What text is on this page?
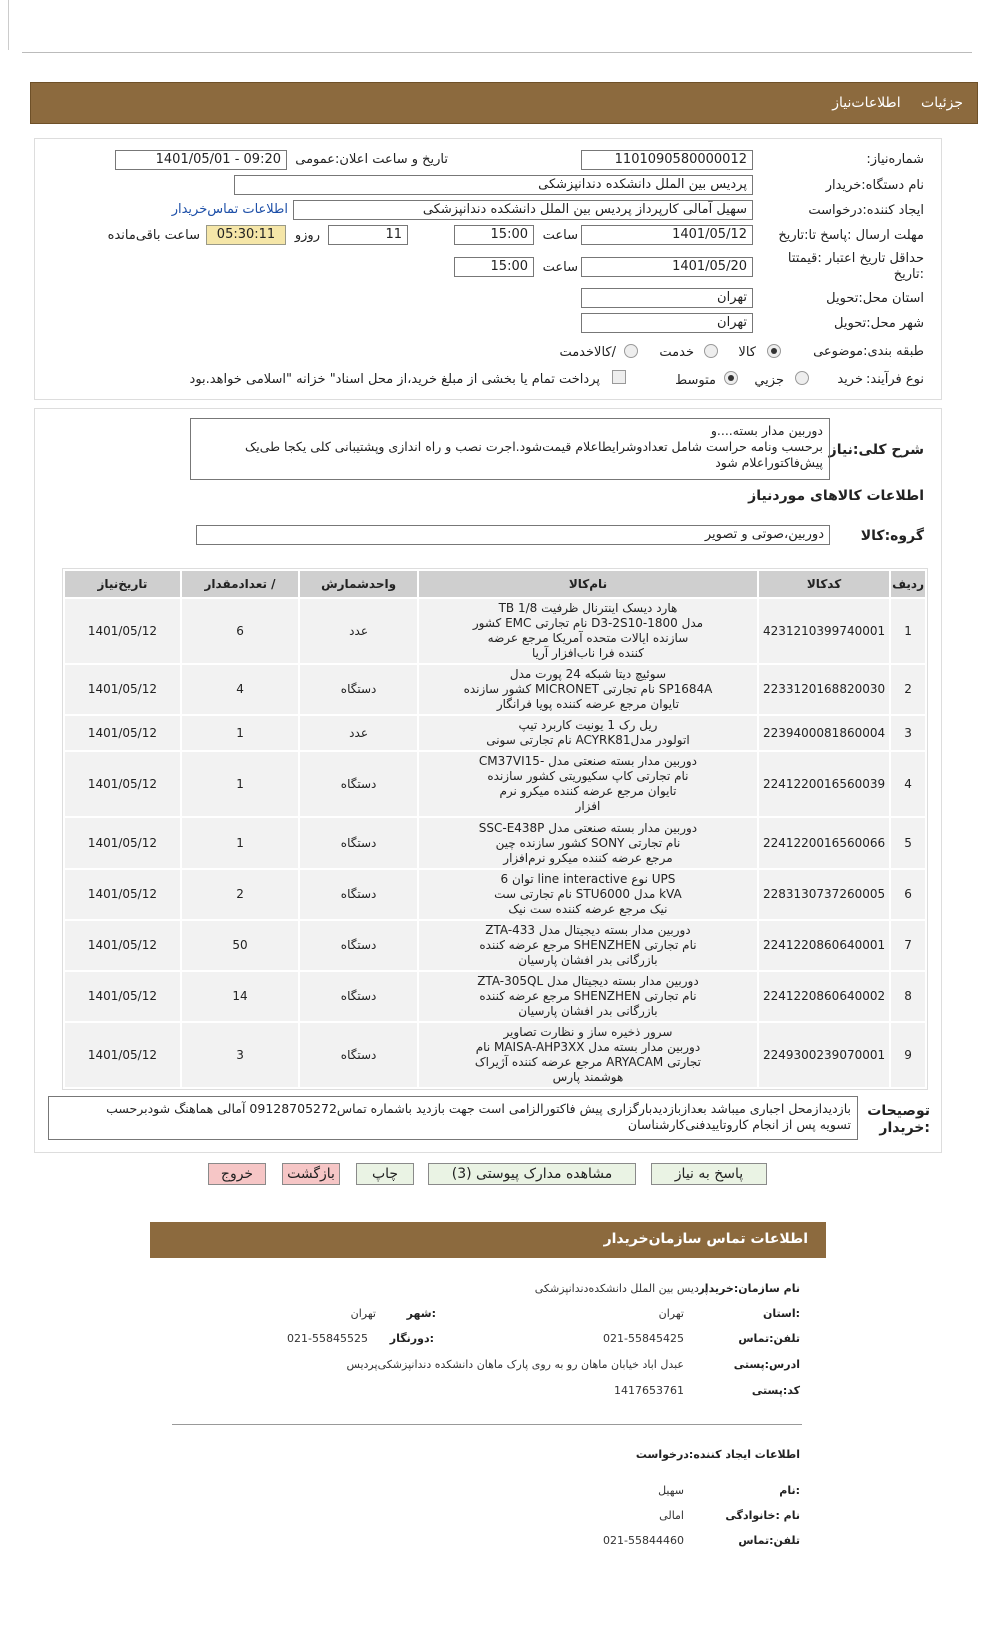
جزئیات اطلاعات‌نیاز
شماره‌نیاز:
1101090580000012
تاریخ و ساعت اعلان:عمومی
1401/05/01 - 09:20
نام دستگاه:خریدار
پردیس بین الملل دانشکده دندانپزشکی
ایجاد کننده:درخواست
سهیل آمالی کارپرداز پردیس بین الملل دانشکده دندانپزشکی
اطلاعات تماس‌خریدار
مهلت ارسال :پاسخ تا:تاریخ
1401/05/12
ساعت
15:00
11
روزو
05:30:11
ساعت باقی‌مانده
حداقل تاریخ اعتبار :قیمتتا
:تاریخ
1401/05/20
ساعت
15:00
استان محل:تحویل
تهران
شهر محل:تحویل
تهران
طبقه بندی:موضوعی
کالا
خدمت
/کالاخدمت
نوع فرآیند:
خرید
جزیي
متوسط
پرداخت تمام یا بخشی از مبلغ خرید،از محل اسناد" خزانه "اسلامی خواهد.بود
شرح کلی:نیاز
دوربین مدار بسته....و
برحسب ونامه حراست شامل تعدادوشرایطاعلام قیمت‌شود.اجرت نصب و راه اندازی وپشتیبانی کلی یکجا طی‌یک
پیش‌فاکتوراعلام شود
اطلاعات کالاهای موردنیاز
گروه:کالا
دوربین،صوتی و تصویر
ردیف	کدکالا	نام‌کالا	واحدشمارش	/ تعدادمقدار	تاریخ‌نیاز
1	4231210399740001	هارد دیسک اینترنال ظرفیت 1/8 TB
مدل D3-2S10-1800 نام تجارتی EMC کشور
سازنده ایالات متحده آمریکا مرجع عرضه
کننده فرا ناب‌افزار آریا	عدد	6	1401/05/12
2	2233120168820030	سوئیچ دیتا شبکه 24 پورت مدل
SP1684A نام تجارتی MICRONET کشور سازنده
تایوان مرجع عرضه کننده پویا فرانگار	دستگاه	4	1401/05/12
3	2239400081860004	ریل رک 1 یونیت کاربرد تیپ
اتولودر مدلACYRK81 نام تجارتی سونی	عدد	1	1401/05/12
4	2241220016560039	دوربین مدار بسته صنعتی مدل -CM37VI15
نام تجارتی کاپ سکیوریتی کشور سازنده
تایوان مرجع عرضه کننده میکرو نرم
افزار	دستگاه	1	1401/05/12
5	2241220016560066	دوربین مدار بسته صنعتی مدل SSC-E438P
نام تجارتی SONY کشور سازنده چین
مرجع عرضه کننده میکرو نرم‌افزار	دستگاه	1	1401/05/12
6	2283130737260005	UPS نوع line interactive توان 6
kVA مدل STU6000 نام تجارتی ست
نیک مرجع عرضه کننده ست نیک	دستگاه	2	1401/05/12
7	2241220860640001	دوربین مدار بسته دیجیتال مدل ZTA-433
نام تجارتی SHENZHEN مرجع عرضه کننده
بازرگانی بدر افشان پارسیان	دستگاه	50	1401/05/12
8	2241220860640002	دوربین مدار بسته دیجیتال مدل ZTA-305QL
نام تجارتی SHENZHEN مرجع عرضه کننده
بازرگانی بدر افشان پارسیان	دستگاه	14	1401/05/12
9	2249300239070001	سرور ذخیره ساز و نظارت تصاویر
دوربین مدار بسته مدل MAISA-AHP3XX نام
تجارتی ARYACAM مرجع عرضه کننده آژیراک
هوشمند پارس	دستگاه	3	1401/05/12
توصیحات
:خریدار
بازدیدازمحل اجباری میباشد بعدازبازدیدبارگزاری پیش فاکتورالزامی است جهت بازدید باشماره تماس09128705272 آمالی هماهنگ شودبرحسب
تسویه پس از انجام کاروتاییدفنی‌کارشناسان
پاسخ به نیاز
مشاهده مدارک پیوستی (3)
چاپ
بازگشت
خروج
اطلاعات تماس سازمان‌خریدار
نام سازمان:خریدار
پردیس بین الملل دانشکده‌دندانپزشکی
:استان
تهران
:شهر
تهران
تلفن:تماس
021-55845425
:دورنگار
021-55845525
ادرس:پستی
عبدل اباد خیابان ماهان رو به روی پارک ماهان دانشکده دندانپزشکی‌پردیس
کد:پستی
1417653761
اطلاعات ایجاد کننده:درخواست
:نام
سهیل
نام :خانوادگی
امالی
تلفن:تماس
021-55844460
